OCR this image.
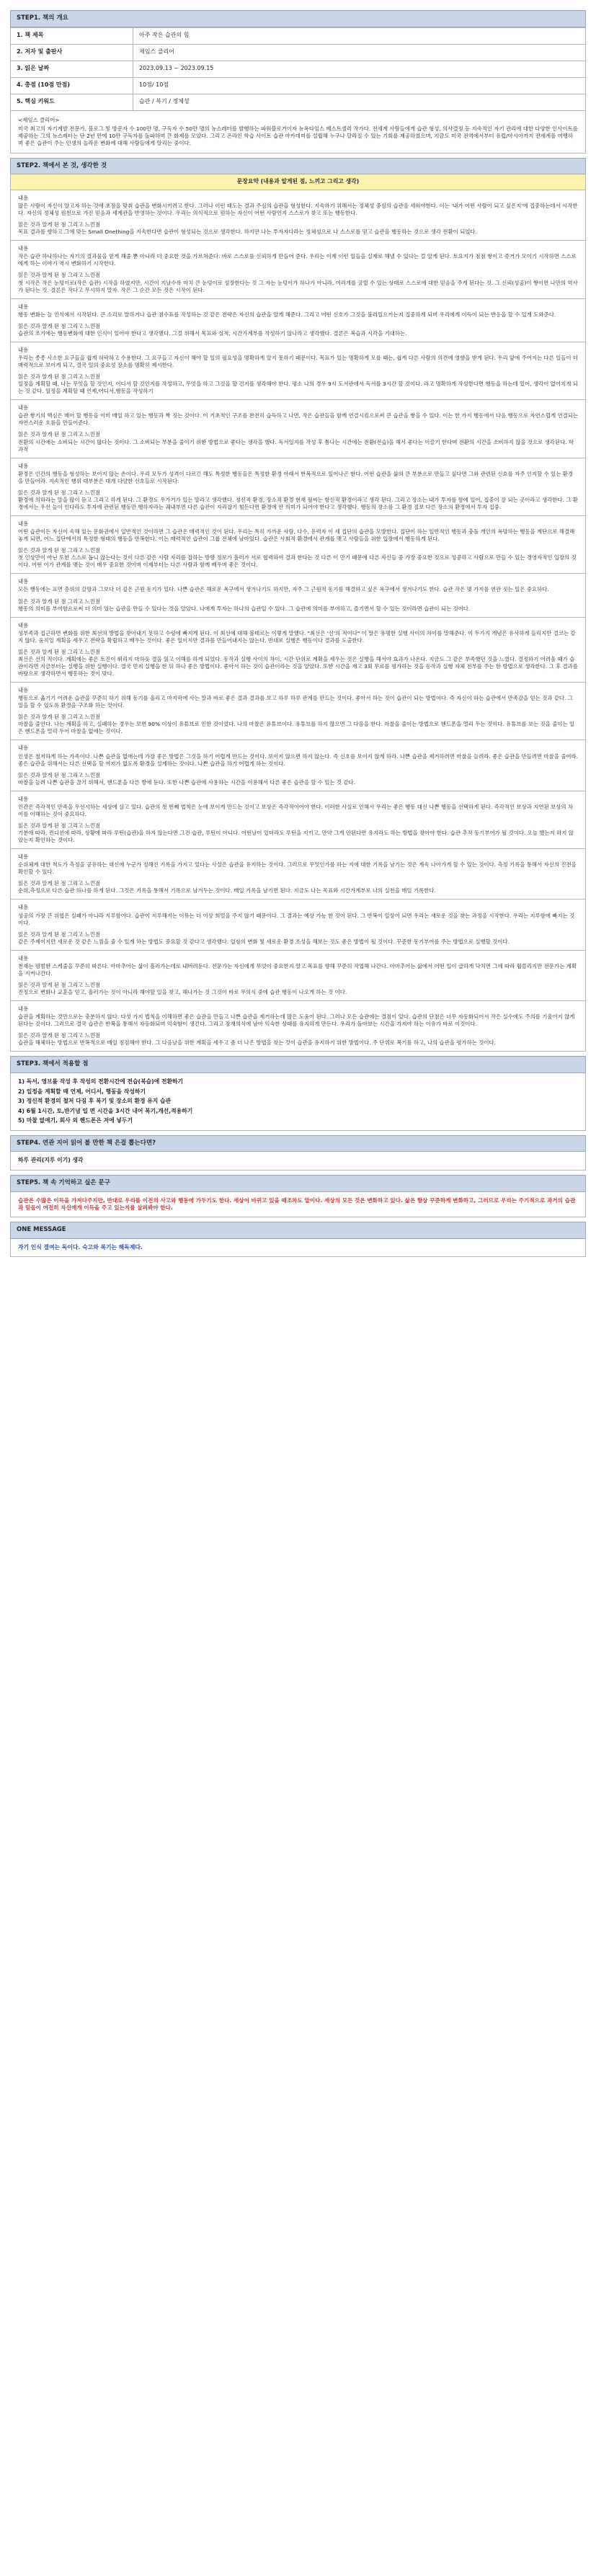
STEP1. 책의 개요
1. 책 제목	아주 작은 습관의 힘
2. 저자 및 출판사	제임스 클리어
3. 읽은 날짜	2023.09.13 ~ 2023.09.15
4. 총점 (10점 만점)	10점/ 10점
5. 핵심 키워드	습관 / 복기 / 정체성
<제임스 클리어>
미국 최고의 자기계발 전문가, 블로그 및 방문자 수 100만 명, 구독자 수 50만 명의 뉴스레터를 발행하는 파워블로거이자 뉴욕타임스 베스트셀러 작가다. 전세계 사람들에게 습관 형성, 의사결정 등 지속적인 자기 관리에 대한 다양한 인사이트를 제공하는 그의 뉴스레터는 단 2년 만에 10만 구독자를 돌파하며 큰 화제를 모았다. 그리고 온라인 학습 사이트 습관 아카데미를 설립해 누구나 달라질 수 있는 기회를 제공하였으며, 지금도 미국 전역에서부터 유럽/아시아까지 전세계를 여행하며 좋은 습관이 주는 인생의 놀라운 변화에 대해 사람들에게 알리는 중이다.
STEP2. 책에서 본 것, 생각한 것
문장요약 (내용과 알게된 점, 느끼고 그리고 생각)
내용
많은 사람이 자신이 알고자 하는 것에 초점을 맞춰 습관을 변화시키려고 한다. 그러나 이런 태도는 결과 주심의 습관을 형성한다. 지속하기 위해서는 정체성 중심의 습관을 세워야한다. 이는 '내가 어떤 사람이 되고 싶은지'에 집중하는데서 시작한다. 자신의 정체성 원천으로 가진 믿음과 세계관을 반영하는 것이다. 우리는 의식적으로 원하는 자신이 어떤 사람인지 스스로가 찾고 또는 행동한다.
읽은 것과 알게 된 점 그리고 느낀점
목표 결과를 향하고 그에 맞는 Small Onething을 지속한다면 습관이 형성되는 것으로 생각한다. 하지만 나는 투자자다라는 정체성으로 나 스스로를 믿고 습관을 행동하는 것으로 생각 전환이 되었다.
내용
작은 습관 하나하나는 자기의 결과물을 얻게 해줄 뿐 아니라 더 중요한 것을 가르쳐준다. 바로 스스로를 신뢰하게 만들어 준다. 우리는 이제 이런 일들을 실제로 해낼 수 있다는 걸 알게 된다. 토요지가 점점 쌓이고 증거가 모이기 시작하면 스스로에게 하는 이야기 역시 변화하기 시작한다.
읽은 것과 알게 된 점 그리고 느낀점
첫 시작은 작은 눈덩이로(작은 습관) 시작을 하였지만, 시간이 지날수록 마치 큰 눈덩이로 성장한다는 것 그 자는 눈덩이가 하나가 아니라, 여러개를 굴릴 수 있는 상태로 스스로에 대한 믿음을 주게 된다는 것. 그 신뢰(성공)이 쌓이면 나만의 역사가 된다는 것. 결론은 작다고 무시하지 말자. 작은 그 순간 모든 것은 시작이 된다.
내용
행동 변화는 늘 인식에서 시작된다. 큰 소리로 말하거나 습관 점수표를 작성하는 것 같은 전략은 자신의 습관을 알게 해준다. 그리고 어떤 신호가 그것을 불러일으키는지 집중하게 되며 우리에게 이득이 되는 반응을 할 수 있게 도와준다.
읽은 것과 알게 된 점 그리고 느낀점
습관의 조기에는 행동변화에 대한 인식이 있어야 한다고 생각했다. 그걸 위해서 목표와 실적, 시간가계부를 작성하기 않나라고 생각했다. 결론은 복습과 시각을 기대하는.
내용
우리는 종종 사소한 요구들을 쉽게 허락하고 수용한다. 그 요구들고 자신이 해야 할 일의 필요성을 명확하게 알지 못하기 때문이다. 목표가 있는 명확하게 모를 때는, 쉽게 다른 사람의 의견에 영향을 받게 된다. 우리 앞에 주어지는 다른 일들이 더 매력적으로 보이게 되고, 결국 일의 중요성 장소를 명확히 제시한다.
읽은 것과 알게 된 점 그리고 느낀점
일정을 계획할 때, 나는 무엇을 할 것인지, 어디서 할 것인지를 작성하고, 무엇을 하고 그것을 할 건지를 생각해야 한다. 평소 나의 경우 9시 도서관에서 독서를 3시간 할 것이다. 라고 명확하게 작성한다면 행동을 하는데 있어, 생각이 없어지게 되는 것 같다. 일정을 계획할 때 언제,어디서,행동을 작성하기
내용
습관 쌓기의 핵심은 매어 할 행동을 이미 매일 하고 있는 행동과 짝 짓는 것이다. 이 기초적인 구조를 완전히 습득하고 나면, 작은 습관들을 함께 연결시킴으로써 큰 습관을 쌓을 수 있다. 이는 한 가지 행동에서 다음 행동으로 자연스럽게 연결되는 자연스러운 흐름을 만들어준다.
읽은 것과 알게 된 점 그리고 느낀점
전환의 시간에는 소비되는 시간이 많다는 것이다. 그 소비되는 부분을 줄이기 위한 방법으로 좋다는 생각을 했다. 독서일지를 작성 후 틈나는 시간에는 전환(전습)을 해서 좋다는 이끌기 한다며 전환의 시간을 소비하지 않을 것으로 생각된다. 학과적
내용
환경은 인간의 행동을 형성하는 보이지 않는 손이다. 우리 모두가 성격이 다르긴 해도 특정한 행동들은 특정한 환경 아래서 반복적으로 일어나곤 한다. 어떤 습관을 삶의 큰 부분으로 만들고 싶다면 그와 관련된 신호를 자주 인지할 수 있는 환경을 만들어라. 지속적인 행위 대부분은 대개 다양한 신호들로 시작된다.
읽은 것과 알게 된 점 그리고 느낀점
환경에 의하라는 말을 많이 듣고 그리고 하게 된다. 그 환경도 우가거가 있는 말라고 생각했다. 정신적 환경, 장소적 환경 현재 월씨는 항신적 환경이라고 생각 된다. 그리고 장소는 내가 투자를 함에 있어, 집중이 잘 되는 곳이라고 생각한다. 그 환경에서는 우선 늘이 인다라도 투자에 관련된 행동만 행하자라는 궤내부면 다른 습관이 자리잡기 힘든다면 환경에 안 의미가 되어야 한다고 생각했다. 행동의 장소를 그 환경 절보 다른 장소의 환경에서 투자 집중.
내용
어떤 습관이든 자신이 속해 있는 문화권에서 일반적인 것이라면 그 습관은 매력적인 것이 된다. 우리는 특히 가까운 사람, 다수, 유력자 이 세 집단의 습관을 모방한다. 집단이 하는 일반적인 행동과 충돌 개인의 욕망하는 행동을 계단으로 해결해 놓게 되면, 어느 집단에서의 특정한 형태의 행동을 반복한다. 이는 매력적인 습관이 그룹 전체에 남아있다. 습관은 사회적 환경에서 관계를 맺고 사람들을 위한 입장에서 행동하게 된다.
읽은 것과 알게 된 점 그리고 느낀점
첫 인상만이 아닌 또한 스스로 돕니 않는다는 것이 다른 같은 사람 자리를 잡하는 방향 정보가 흘러가 서로 협력하여 결과 한다는 것 다른 이 만기 때문에 다른 자신들 중 가장 중요한 것으로 성공하고 사람으로 만들 수 있는 경영자적인 입장의 것이다. 어떤 이가 관계를 맺는 것이 매우 중요한 것이며 이제부터는 다른 사람과 함께 배우며 좋은 것이다.
내용
모든 행동에는 표면 층위의 갈망과 그보다 더 깊은 근원 동기가 있다. 나쁜 습관은 해로운 욕구에서 생겨나기도 하지만, 자주 그 근원적 동기를 해결하고 싶은 욕구에서 생겨나기도 한다. 습관 작은 몇 가지를 연관 짓는 일은 중요하다.
읽은 것과 알게 된 점 그리고 느낀점
행동의 의미를 부여함으로써 더 의미 있는 습관을 만들 수 있다는 것을 알았다. 나에게 투자는 하나의 습관일 수 있다. 그 습관에 의미를 부여하고, 즐기면서 할 수 있는 것이라면 습관이 되는 것이다.
내용
성부족과 접근하면 변화를 위한 최선의 방법을 찾아내기 못하고 수렁에 빠지게 된다. 이 최선에 대해 볼테르는 이렇게 말했다. "최선은 '선'의 적이다" 이 말은 유명한 실행 사이의 차이를 말해준다. 이 두가지 개념은 유사하게 들리지만 결코는 같지 않다. 움직일 계획을 세우고 전략을 확립하고 배우는 것이다. 좋은 일이지만 결과를 만들어내지는 않는다. 반대로 실행은 행동이다 결과를 도출한다.
읽은 것과 알게 된 점 그리고 느낀점
최선은 선의 적이다. 계획에는 좋은 토진이 뛰리지 마하듯 결을 읽고 이해를 하게 되었다. 동작과 실행 사이의 차이, 시간 단위로 계획을 세우는 것은 실행을 해서야 효과가 나온다. 지금도 그 같은 부족했던 것을 느꼈다. 결정하기 어려울 때가 습관이라면 지금부터는 실행을 위한 실행이다. 결국 먼저 실행을 한 뒤 하나 좋은 방법이다. 좋아서 하는 것이 습관이라는 것을 알았다. 또한 시간을 재고 3회 무료를 평가하는 것을 동작과 실행 자체 전부를 주는 한 방법으로 생각한다. 그 후 결과를 바탕으로 생각하면서 행동하는 것이 맞다.
내용
행동으로 옮기기 어려운 습관을 꾸준히 하기 위해 동기를 올리고 마지막에 사는 말과 바로 좋은 결과 결과를 보고 하루 하루 관계를 만드는 것이다. 좋아서 하는 것이 습관이 되는 방법이다. 즉 자신이 하는 습관에서 만족감을 얻는 것과 같다. 그 일을 할 수 있도록 환경을 구조화 하는 것이다.
읽은 것과 알게 된 점 그리고 느낀점
마찰을 줄인다. 나는 계획을 하고, 실패하는 경우는 보면 90% 이상이 유튜브로 인한 것이었다. 나의 마찰은 유튜브이다. 유튜브를 하지 않으면 그 다음을 한다. 마찰을 줄이는 방법으로 핸드폰을 멀리 두는 것이다. 유튜브를 보는 것을 줄이는 일은 핸드폰을 멀리 두어 마찰을 없애는 것이다.
내용
인생은 철저하게 하는 가족이다. 나쁜 습관을 없애는데 가장 좋은 방법은 그것을 하기 어렵게 만드는 것이다. 보이지 않으면 하지 않는다. 즉 신호를 보이지 않게 하라. 나쁜 습관을 제거하려면 마찰을 늘려라. 좋은 습관을 만들려면 마찰을 줄여라. 좋은 습관을 위해서는 다른 선택을 할 여지가 없도록 환경을 설계하는 것이다. 나쁜 습관을 하기 어렵게 하는 것이다.
읽은 것과 알게 된 점 그리고 느낀점
마찰을 늘려 나쁜 습관을 끊기 위해서, 핸드폰을 다른 방에 둔다. 또한 나쁜 습관에 사용하는 시간을 이용해서 다른 좋은 습관을 할 수 있는 것 같다.
내용
인간은 즉각적인 만족을 우선시하는 세상에 살고 있다. 습관의 첫 번째 법칙은 눈에 보이게 만드는 것이고 보상은 즉각적이어야 한다. 이러한 사실로 인해서 우리는 좋은 행동 대신 나쁜 행동을 선택하게 된다. 즉각적인 보상과 지연된 보상의 차이를 이해하는 것이 중요하다.
읽은 것과 알게 된 점 그리고 느낀점
기분에 따라, 컨디션에 따라, 상황에 따라 루틴(습관)을 하지 않는다면 그건 습관, 루틴이 아니다. 어떤날이 있더라도 루틴을 지키고, 만약 그게 안된다면 유지라도 하는 방법을 찾아야 한다. 습관 추적 동기부여가 될 것이다. 오늘 했는지 하지 않았는지 확인하는 것이다.
내용
순위체계 대한 척도가 측정을 공유하는 대신에 누군가 정해진 기록을 가지고 있다는 사실은 습관을 유지하는 것이다. 그러므로 무엇인가를 하는 지에 대한 기록을 남기는 것은 계속 나아가게 할 수 있는 것이다. 측정 기록을 통해서 자신의 진전을 확인할 수 있다.
읽은 것과 알게 된 점 그리고 느낀점
순위,측정으로 다른 습관 하나를 하게 된다. 그것은 기록을 통해서 기록으로 남겨두는 것이다. 매일 기록을 남기면 된다. 지금도 나는 목표와 시간가계부로 나의 실천을 매일 기록한다.
내용
성공의 가장 큰 위협은 실패가 아니라 지루함이다. 습관이 지루해지는 이유는 더 이상 희열을 주지 않기 때문이다. 그 결과는 예상 가능 한 것이 된다. 그 반복이 일상이 되면 우리는 새로운 것을 찾는 과정을 시작한다. 우리는 지루함에 빠지는 것이다.
읽은 것과 알게 된 점 그리고 느낀점
같은 주제이지만 새로운 것 같은 느낌을 줄 수 있게 하는 방법도 중요할 것 같다고 생각했다. 일상의 변화 및 새로운 환경 조성을 해보는 것도 좋은 방법이 될 것이다. 꾸준한 동기부여를 주는 방법으로 실행할 것이다.
내용
천재는 평범한 스케줄을 꾸준히 따른다. 아마추어는 삶이 흘러가는데로 내버려둔다. 전문가는 자신에게 무엇이 중요한지 알고 목표를 향해 꾸준히 작업해 나간다. 아마추어는 삶에서 어떤 일이 급하게 닥치면 그에 따라 휩쓸리지만 전문가는 계획을 지켜나간다.
읽은 것과 알게 된 점 그리고 느낀점
진정으로 변화나 교훈을 얻고, 흘러가는 것이 아니라 해야할 일을 찾고, 해나가는 것 그것이 바로 무의식 중에 습관 행동이 나오게 하는 것 이다.
내용
습관을 계획하는 것만으로는 충분하지 않다. 다섯 가지 법칙을 이해하면 좋은 습관을 만들고 나쁜 습관을 제거하는데 많은 도움이 된다. 그러나 모든 습관에는 결점이 있다. 습관의 단점은 너무 자동화되어서 작은 실수에도 주의를 기울이지 않게 된다는 것이다. 그러므로 결국 습관은 반복을 통해서 자동화되며 익숙함이 생긴다. 그리고 잠재의식에 남아 익숙한 상태를 유지하게 만든다. 우리가 돌아보는 시간을 가져야 하는 이유가 바로 이것이다.
읽은 것과 알게 된 점 그리고 느낀점
습관을 해체하는 방법으로 반복적으로 매일 점검해야 한다. 그 다음날을 위한 계획을 세우고 좀 더 나은 방법을 찾는 것이 습관을 유지하기 위한 방법이다. 주 단위로 복기를 하고, 나의 습관을 평가하는 것이다.
STEP3. 책에서 적용할 점
1) 독서, 영브롤 작성 후 작성의 전환시간에 전습(복습)에 전환하기
2) 일정을 계획할 때 언제, 어디서, 행동을 작성하기
3) 정신적 환경의 철저 다짐 후 복기 및 장소의 환경 유지 습관
4) 6월 1시간, 토,반기념 일 면 시간을 3시간 내어 복기,개선,적용하기
5) 마찰 없애기, 회사 외 핸드폰은 저에 넣두기
STEP4. 연관 지어 읽어 볼 만한 책 은걸 뽑는다면?
하루 관리(지루 이기) 생각
STEP5. 책 속 기억하고 싶은 문구
습관은 수많은 이득을 가져다주지만, 반대로 우리를 이전의 사고와 행동에 가두기도 한다. 세상이 바뀌고 있을 때조차도 말이다. 세상의 모든 것은 변화하고 있다. 삶은 항상 꾸준하게 변화하고, 그러므로 우리는 주기적으로 과거의 습관과 믿음이 여전히 자신에게 이득을 주고 있는지를 살펴봐야 한다.
ONE MESSAGE
자기 인식 결여는 독이다. 숙고와 복기는 해독제다.
